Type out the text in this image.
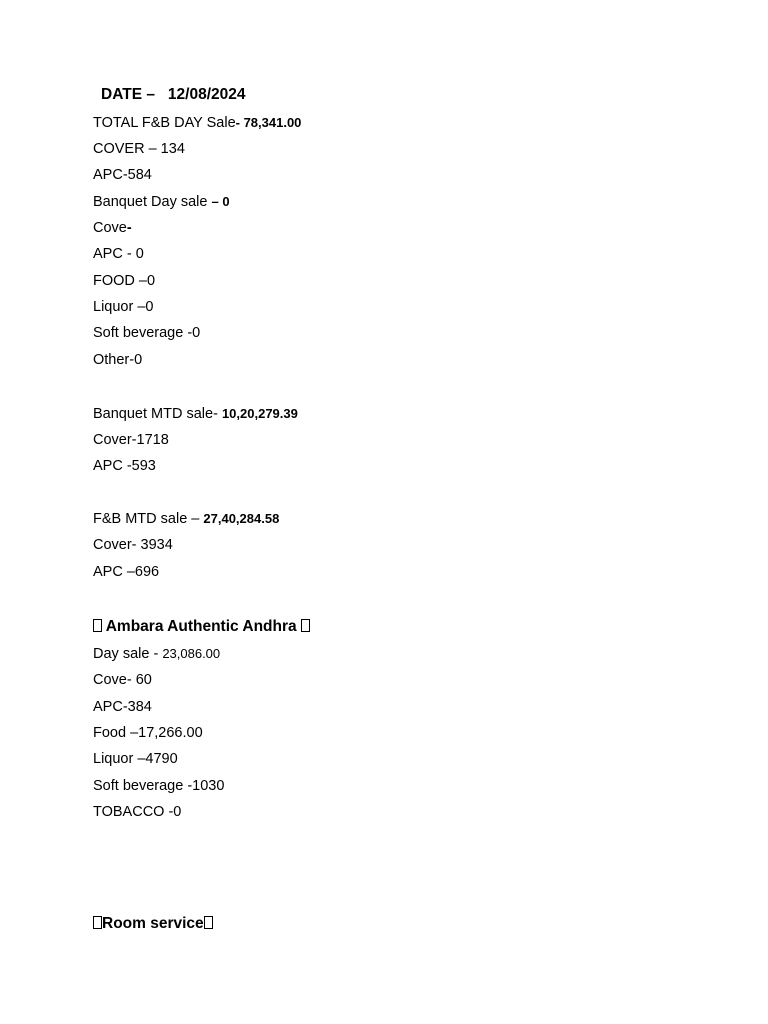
DATE – 12/08/2024
TOTAL F&B DAY Sale- 78,341.00
COVER – 134
APC-584
Banquet Day sale – 0
Cove-
APC - 0
FOOD –0
Liquor –0
Soft beverage -0
Other-0
Banquet MTD sale- 10,20,279.39
Cover-1718
APC -593
F&B MTD sale – 27,40,284.58
Cover- 3934
APC –696
Ambara Authentic Andhra
Day sale - 23,086.00
Cove- 60
APC-384
Food –17,266.00
Liquor –4790
Soft beverage -1030
TOBACCO -0
Room service
